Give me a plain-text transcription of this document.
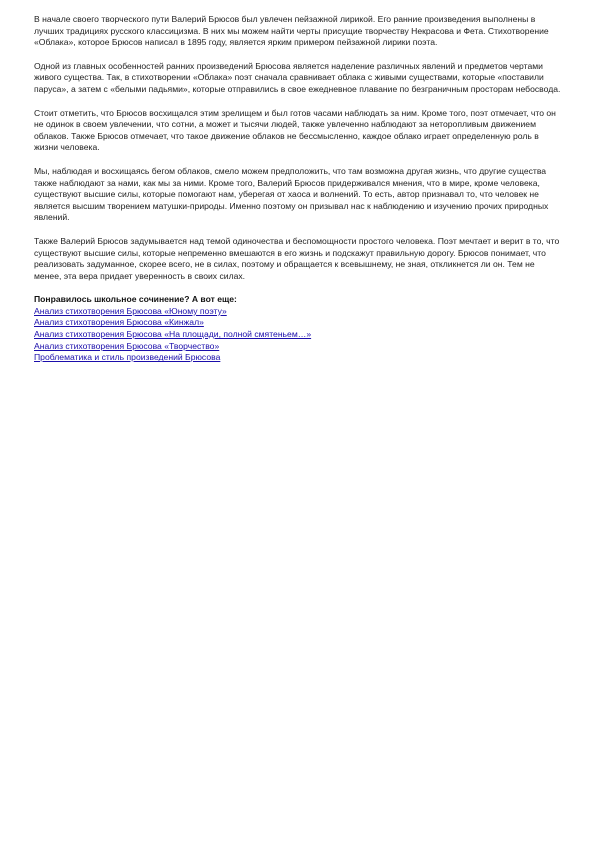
В начале своего творческого пути Валерий Брюсов был увлечен пейзажной лирикой. Его ранние произведения выполнены в лучших традициях русского классицизма. В них мы можем найти черты присущие творчеству Некрасова и Фета. Стихотворение «Облака», которое Брюсов написал в 1895 году, является ярким примером пейзажной лирики поэта.

Одной из главных особенностей ранних произведений Брюсова является наделение различных явлений и предметов чертами живого существа. Так, в стихотворении «Облака» поэт сначала сравнивает облака с живыми существами, которые «поставили паруса», а затем с «белыми падьями», которые отправились в свое ежедневное плавание по безграничным просторам небосвода.

Стоит отметить, что Брюсов восхищался этим зрелищем и был готов часами наблюдать за ним. Кроме того, поэт отмечает, что он не одинок в своем увлечении, что сотни, а может и тысячи людей, также увлеченно наблюдают за неторопливым движением облаков. Также Брюсов отмечает, что такое движение облаков не бессмысленно, каждое облако играет определенную роль в жизни человека.

Мы, наблюдая и восхищаясь бегом облаков, смело можем предположить, что там возможна другая жизнь, что другие существа также наблюдают за нами, как мы за ними. Кроме того, Валерий Брюсов придерживался мнения, что в мире, кроме человека, существуют высшие силы, которые помогают нам, уберегая от хаоса и волнений. То есть, автор признавал то, что человек не является высшим творением матушки-природы. Именно поэтому он призывал нас к наблюдению и изучению прочих природных явлений.

Также Валерий Брюсов задумывается над темой одиночества и беспомощности простого человека. Поэт мечтает и верит в то, что существуют высшие силы, которые непременно вмешаются в его жизнь и подскажут правильную дорогу. Брюсов понимает, что реализовать задуманное, скорее всего, не в силах, поэтому и обращается к всевышнему, не зная, откликнется ли он. Тем не менее, эта вера придает уверенность в своих силах.

Понравилось школьное сочинение? А вот еще:

Анализ стихотворения Брюсова «Юному поэту»
Анализ стихотворения Брюсова «Кинжал»
Анализ стихотворения Брюсова «На площади, полной смятеньем…»
Анализ стихотворения Брюсова «Творчество»
Проблематика и стиль произведений Брюсова
